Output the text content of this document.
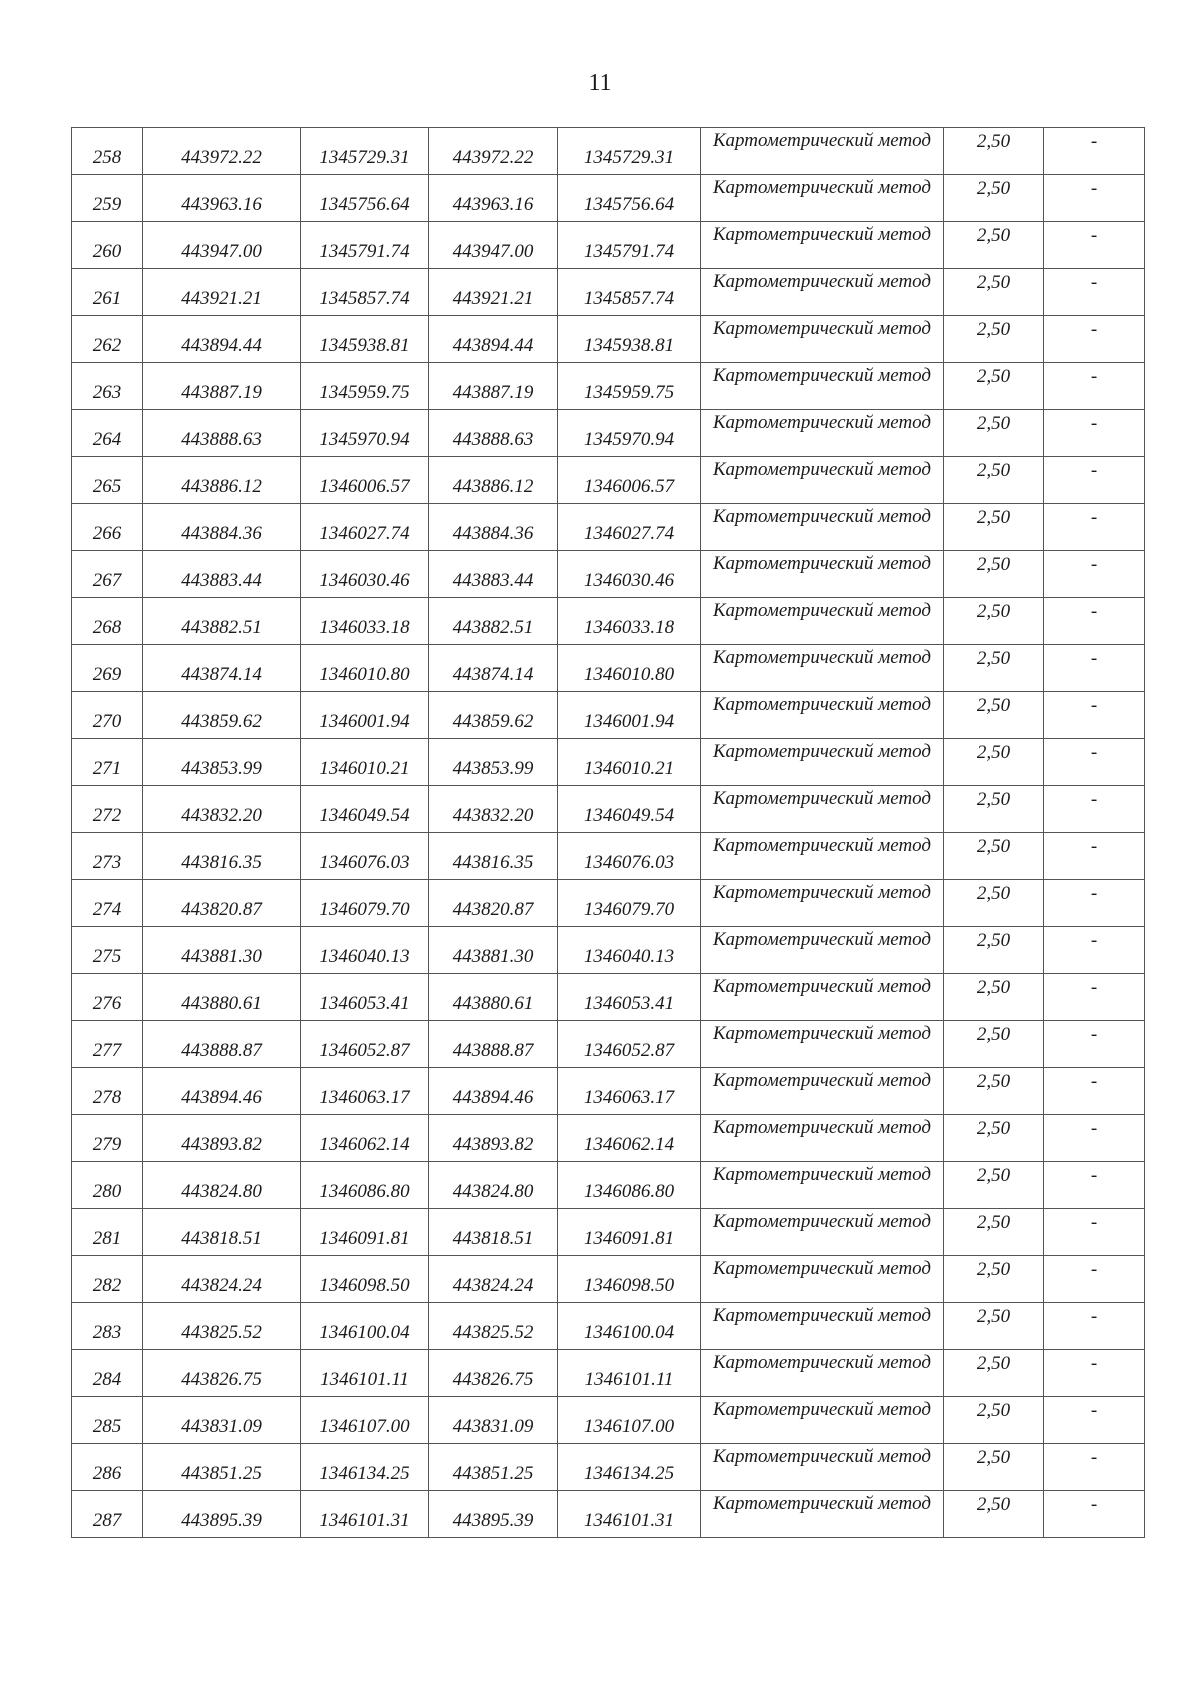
11
258	443972.22	1345729.31	443972.22	1345729.31	Картометрический метод	2,50	-
259	443963.16	1345756.64	443963.16	1345756.64	Картометрический метод	2,50	-
260	443947.00	1345791.74	443947.00	1345791.74	Картометрический метод	2,50	-
261	443921.21	1345857.74	443921.21	1345857.74	Картометрический метод	2,50	-
262	443894.44	1345938.81	443894.44	1345938.81	Картометрический метод	2,50	-
263	443887.19	1345959.75	443887.19	1345959.75	Картометрический метод	2,50	-
264	443888.63	1345970.94	443888.63	1345970.94	Картометрический метод	2,50	-
265	443886.12	1346006.57	443886.12	1346006.57	Картометрический метод	2,50	-
266	443884.36	1346027.74	443884.36	1346027.74	Картометрический метод	2,50	-
267	443883.44	1346030.46	443883.44	1346030.46	Картометрический метод	2,50	-
268	443882.51	1346033.18	443882.51	1346033.18	Картометрический метод	2,50	-
269	443874.14	1346010.80	443874.14	1346010.80	Картометрический метод	2,50	-
270	443859.62	1346001.94	443859.62	1346001.94	Картометрический метод	2,50	-
271	443853.99	1346010.21	443853.99	1346010.21	Картометрический метод	2,50	-
272	443832.20	1346049.54	443832.20	1346049.54	Картометрический метод	2,50	-
273	443816.35	1346076.03	443816.35	1346076.03	Картометрический метод	2,50	-
274	443820.87	1346079.70	443820.87	1346079.70	Картометрический метод	2,50	-
275	443881.30	1346040.13	443881.30	1346040.13	Картометрический метод	2,50	-
276	443880.61	1346053.41	443880.61	1346053.41	Картометрический метод	2,50	-
277	443888.87	1346052.87	443888.87	1346052.87	Картометрический метод	2,50	-
278	443894.46	1346063.17	443894.46	1346063.17	Картометрический метод	2,50	-
279	443893.82	1346062.14	443893.82	1346062.14	Картометрический метод	2,50	-
280	443824.80	1346086.80	443824.80	1346086.80	Картометрический метод	2,50	-
281	443818.51	1346091.81	443818.51	1346091.81	Картометрический метод	2,50	-
282	443824.24	1346098.50	443824.24	1346098.50	Картометрический метод	2,50	-
283	443825.52	1346100.04	443825.52	1346100.04	Картометрический метод	2,50	-
284	443826.75	1346101.11	443826.75	1346101.11	Картометрический метод	2,50	-
285	443831.09	1346107.00	443831.09	1346107.00	Картометрический метод	2,50	-
286	443851.25	1346134.25	443851.25	1346134.25	Картометрический метод	2,50	-
287	443895.39	1346101.31	443895.39	1346101.31	Картометрический метод	2,50	-
